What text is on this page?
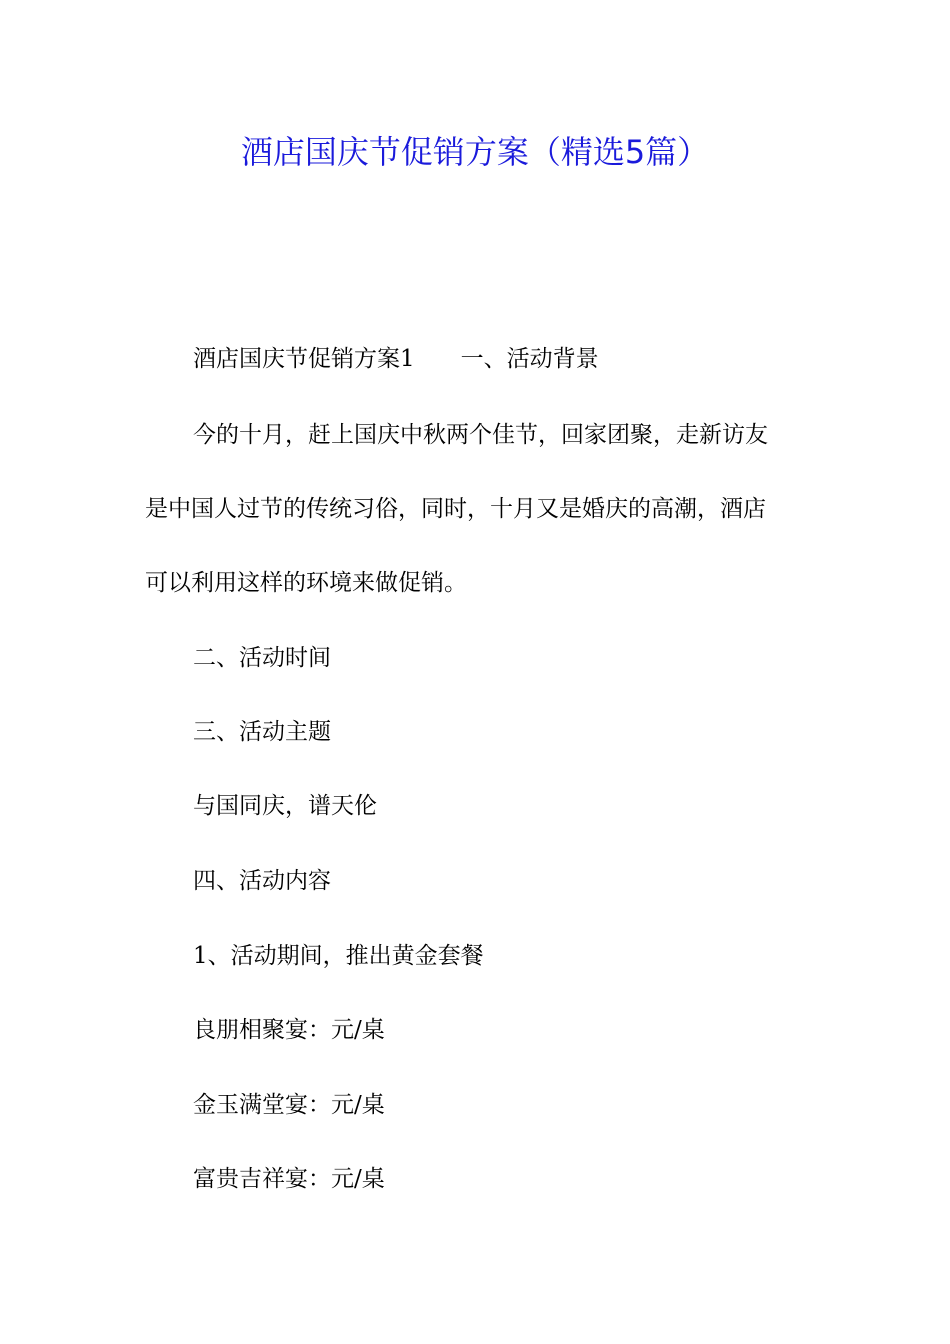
酒店国庆节促销方案（精选5篇）

酒店国庆节促销方案1 一、活动背景

今的十月，赶上国庆中秋两个佳节，回家团聚，走新访友

是中国人过节的传统习俗，同时，十月又是婚庆的高潮，酒店

可以利用这样的环境来做促销。

二、活动时间

三、活动主题

与国同庆，谱天伦

四、活动内容

1、活动期间，推出黄金套餐

良朋相聚宴：元/桌

金玉满堂宴：元/桌

富贵吉祥宴：元/桌
